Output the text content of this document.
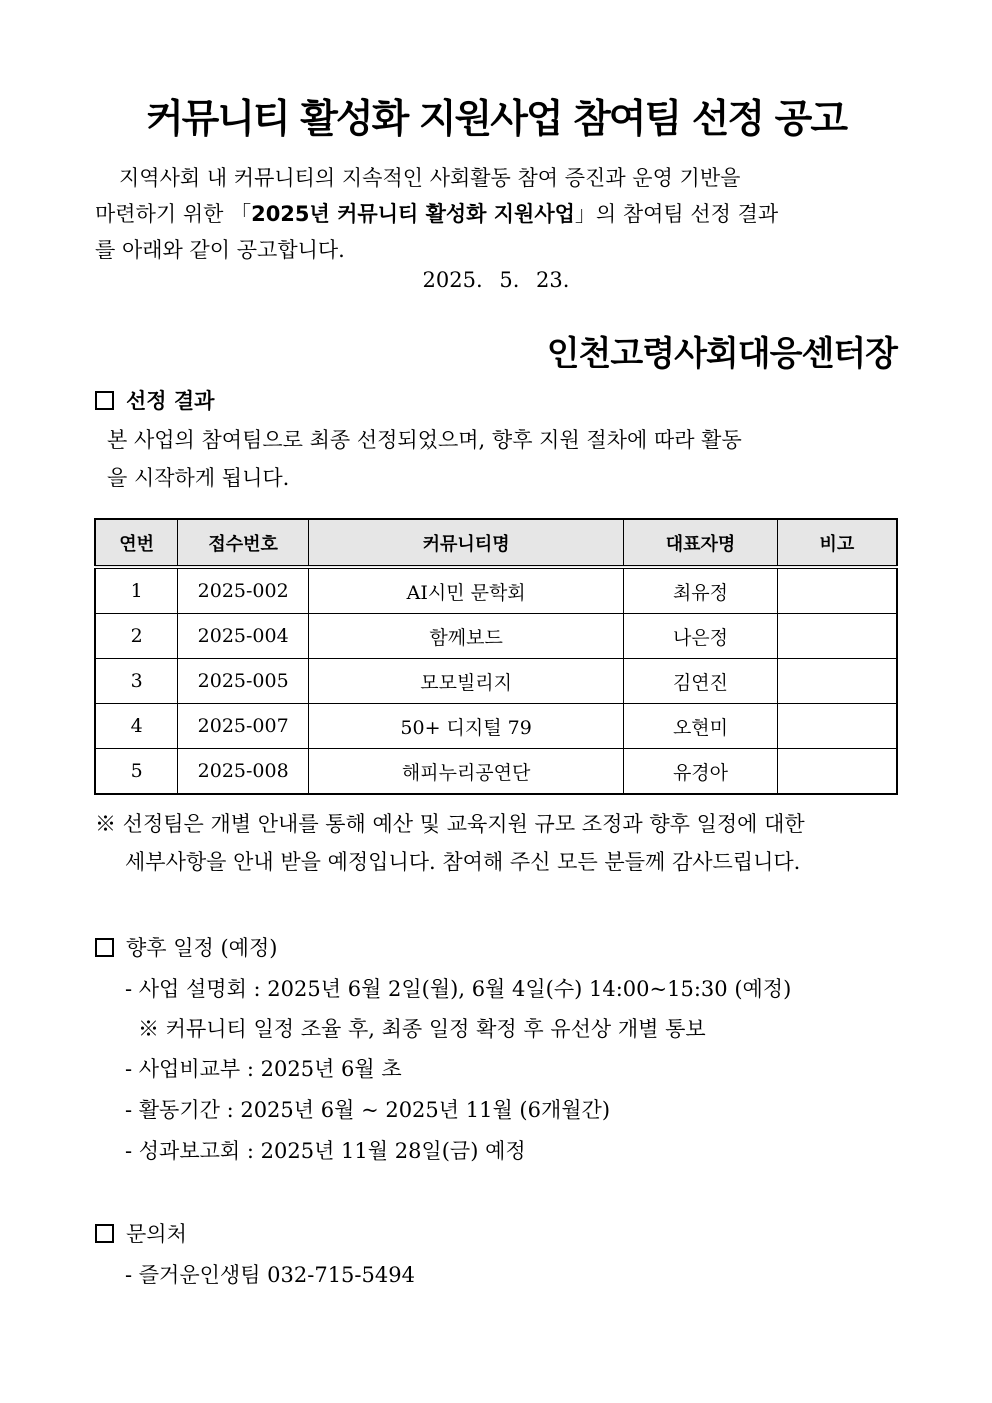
커뮤니티 활성화 지원사업 참여팀 선정 공고
지역사회 내 커뮤니티의 지속적인 사회활동 참여 증진과 운영 기반을
마련하기 위한 「2025년 커뮤니티 활성화 지원사업」의 참여팀 선정 결과
를 아래와 같이 공고합니다.
2025. 5. 23.
인천고령사회대응센터장
선정 결과
본 사업의 참여팀으로 최종 선정되었으며, 향후 지원 절차에 따라 활동
을 시작하게 됩니다.
연번	접수번호	커뮤니티명	대표자명	비고
1	2025-002	AI시민 문학회	최유정	
2	2025-004	함께보드	나은정	
3	2025-005	모모빌리지	김연진	
4	2025-007	50+ 디지털 79	오현미	
5	2025-008	해피누리공연단	유경아	
※ 선정팀은 개별 안내를 통해 예산 및 교육지원 규모 조정과 향후 일정에 대한
세부사항을 안내 받을 예정입니다. 참여해 주신 모든 분들께 감사드립니다.
향후 일정 (예정)
- 사업 설명회 : 2025년 6월 2일(월), 6월 4일(수) 14:00~15:30 (예정)
※ 커뮤니티 일정 조율 후, 최종 일정 확정 후 유선상 개별 통보
- 사업비교부 : 2025년 6월 초
- 활동기간 : 2025년 6월 ~ 2025년 11월 (6개월간)
- 성과보고회 : 2025년 11월 28일(금) 예정
문의처
- 즐거운인생팀 032-715-5494
